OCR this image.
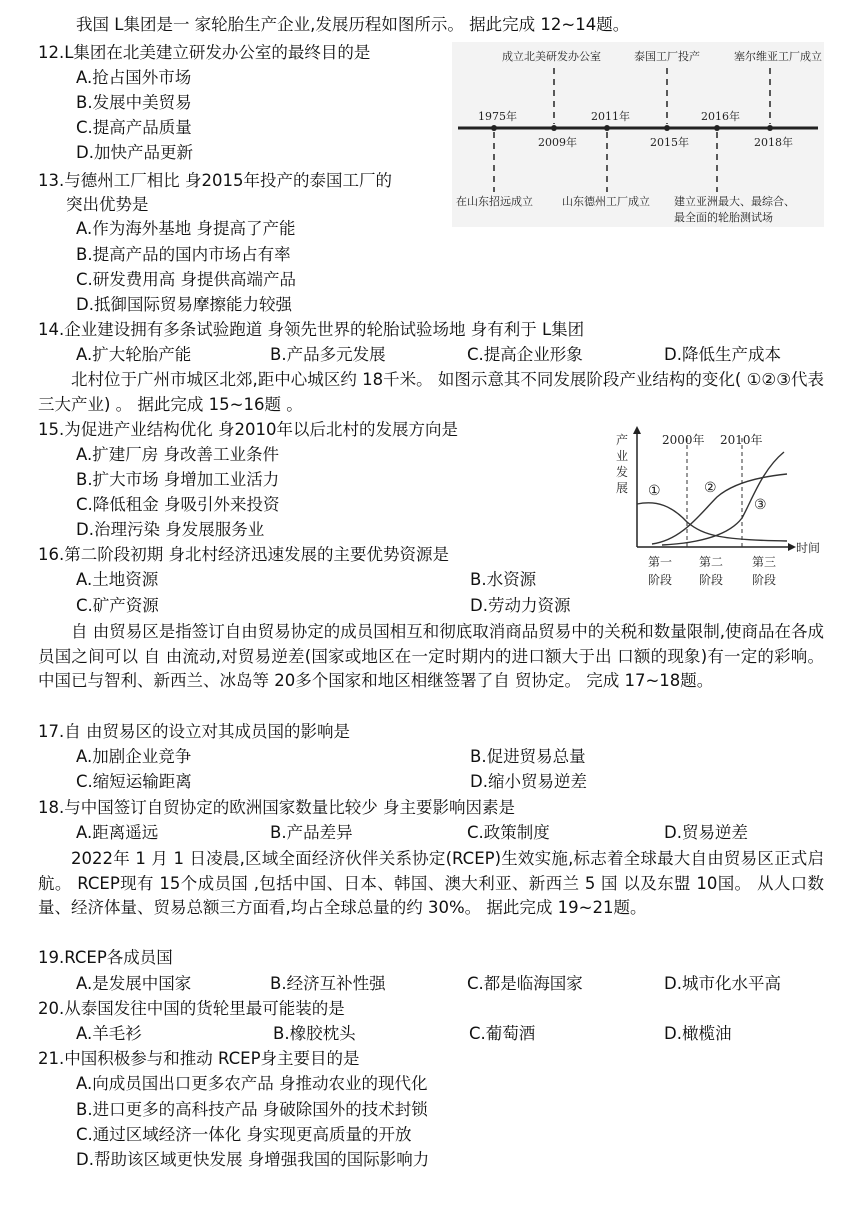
我国 L集团是一 家轮胎生产企业,发展历程如图所示。 据此完成 12~14题。
12.L集团在北美建立研发办公室的最终目的是
A.抢占国外市场
B.发展中美贸易
C.提高产品质量
D.加快产品更新
13.与德州工厂相比 身2015年投产的泰国工厂的
突出优势是
A.作为海外基地 身提高了产能
B.提高产品的国内市场占有率
C.研发费用高 身提供高端产品
D.抵御国际贸易摩擦能力较强
成立北美研发办公室	泰国工厂投产	塞尔维亚工厂成立
1975年	2011年	2016年
2009年	2015年	2018年
在山东招远成立	山东德州工厂成立 建立亚洲最大、最综合、
最全面的轮胎测试场
14.企业建设拥有多条试验跑道 身领先世界的轮胎试验场地 身有利于 L集团
A.扩大轮胎产能	B.产品多元发展	C.提高企业形象	D.降低生产成本
北村位于广州市城区北郊,距中心城区约 18千米。 如图示意其不同发展阶段产业结构的变化( ①②③代表三大产业) 。 据此完成 15~16题 。
15.为促进产业结构优化 身2010年以后北村的发展方向是
A.扩建厂房 身改善工业条件
B.扩大市场 身增加工业活力
C.降低租金 身吸引外来投资
D.治理污染 身发展服务业
时间
产
业
发
展
2000年 2010年
①	②
③
第一
阶段
第二
阶段
第三
阶段
16.第二阶段初期 身北村经济迅速发展的主要优势资源是
A.土地资源	B.水资源
C.矿产资源	D.劳动力资源
自 由贸易区是指签订自由贸易协定的成员国相互和彻底取消商品贸易中的关税和数量限制,使商品在各成员国之间可以 自 由流动,对贸易逆差(国家或地区在一定时期内的进口额大于出 口额的现象)有一定的彩响。 中国已与智利、新西兰、冰岛等 20多个国家和地区相继签署了自 贸协定。 完成 17~18题。
17.自 由贸易区的设立对其成员国的影响是
A.加剧企业竞争	B.促进贸易总量
C.缩短运输距离	D.缩小贸易逆差
18.与中国签订自贸协定的欧洲国家数量比较少 身主要影响因素是
A.距离遥远	B.产品差异	C.政策制度	D.贸易逆差
2022年 1 月 1 日凌晨,区域全面经济伙伴关系协定(RCEP)生效实施,标志着全球最大自由贸易区正式启航。 RCEP现有 15个成员国 ,包括中国、日本、韩国、澳大利亚、新西兰 5 国 以及东盟 10国。 从人口数量、经济体量、贸易总额三方面看,均占全球总量的约 30%。 据此完成 19~21题。
19.RCEP各成员国
A.是发展中国家	B.经济互补性强	C.都是临海国家	D.城市化水平高
20.从泰国发往中国的货轮里最可能装的是
A.羊毛衫	B.橡胶枕头	C.葡萄酒	D.橄榄油
21.中国积极参与和推动 RCEP身主要目的是
A.向成员国出口更多农产品 身推动农业的现代化
B.进口更多的高科技产品 身破除国外的技术封锁
C.通过区域经济一体化 身实现更高质量的开放
D.帮助该区域更快发展 身增强我国的国际影响力
